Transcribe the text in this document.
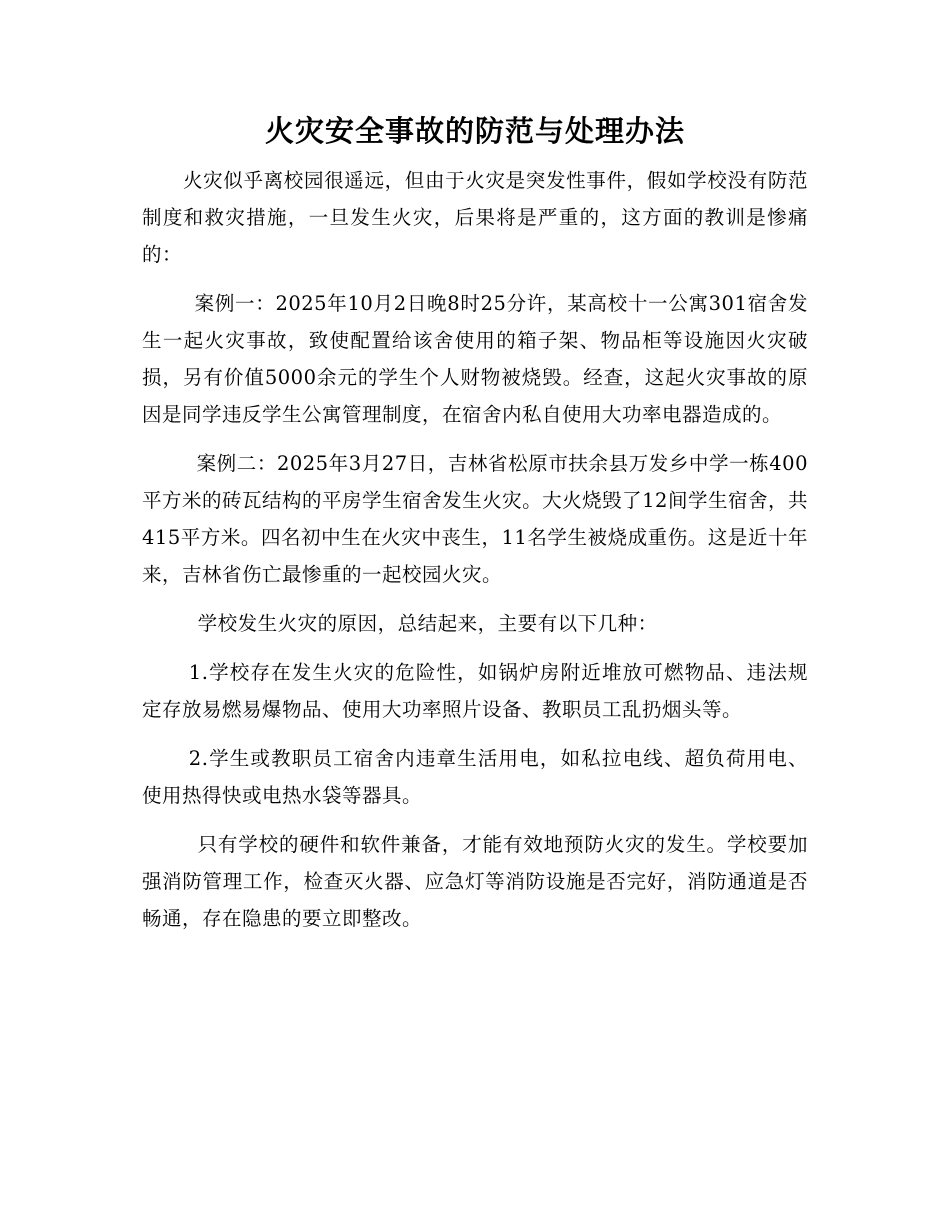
火灾安全事故的防范与处理办法

火灾似乎离校园很遥远，但由于火灾是突发性事件，假如学校没有防范制度和救灾措施，一旦发生火灾，后果将是严重的，这方面的教训是惨痛的：

案例一：2025年10月2日晚8时25分许，某高校十一公寓301宿舍发生一起火灾事故，致使配置给该舍使用的箱子架、物品柜等设施因火灾破损，另有价值5000余元的学生个人财物被烧毁。经查，这起火灾事故的原因是同学违反学生公寓管理制度，在宿舍内私自使用大功率电器造成的。

案例二：2025年3月27日，吉林省松原市扶余县万发乡中学一栋400平方米的砖瓦结构的平房学生宿舍发生火灾。大火烧毁了12间学生宿舍，共415平方米。四名初中生在火灾中丧生，11名学生被烧成重伤。这是近十年来，吉林省伤亡最惨重的一起校园火灾。

学校发生火灾的原因，总结起来，主要有以下几种：

1.学校存在发生火灾的危险性，如锅炉房附近堆放可燃物品、违法规定存放易燃易爆物品、使用大功率照片设备、教职员工乱扔烟头等。

2.学生或教职员工宿舍内违章生活用电，如私拉电线、超负荷用电、使用热得快或电热水袋等器具。

只有学校的硬件和软件兼备，才能有效地预防火灾的发生。学校要加强消防管理工作，检查灭火器、应急灯等消防设施是否完好，消防通道是否畅通，存在隐患的要立即整改。
